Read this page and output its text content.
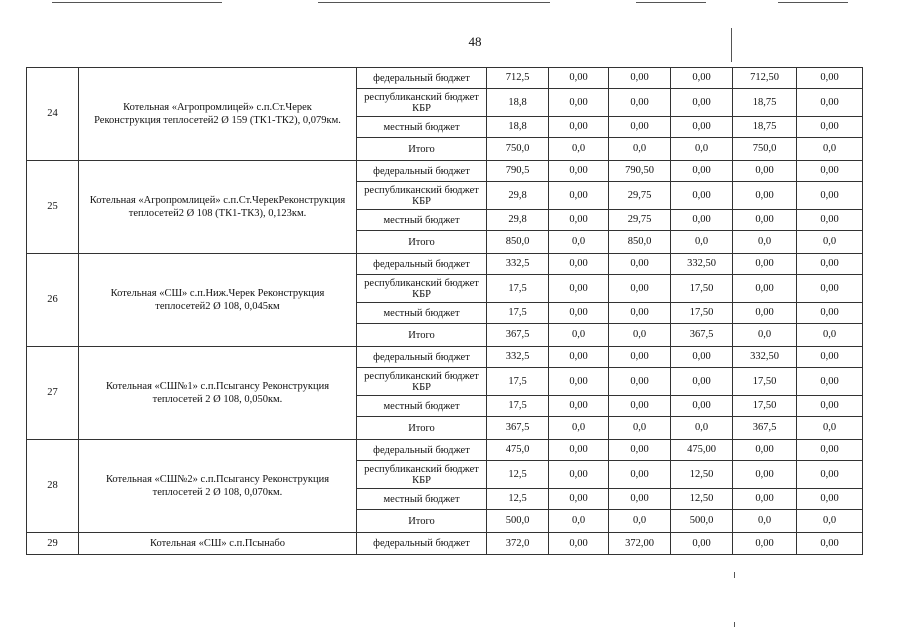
48
24	Котельная «Агропромлицей» с.п.Ст.Черек Реконструкция теплосетей2 Ø 159 (ТК1-ТК2), 0,079км.	федеральный бюджет	712,5	0,00	0,00	0,00	712,50	0,00
		республиканский бюджет КБР	18,8	0,00	0,00	0,00	18,75	0,00
		местный бюджет	18,8	0,00	0,00	0,00	18,75	0,00
		Итого	750,0	0,0	0,0	0,0	750,0	0,0
25	Котельная «Агропромлицей» с.п.Ст.ЧерекРеконструкция теплосетей2 Ø 108 (ТК1-ТК3), 0,123км.	федеральный бюджет	790,5	0,00	790,50	0,00	0,00	0,00
		республиканский бюджет КБР	29,8	0,00	29,75	0,00	0,00	0,00
		местный бюджет	29,8	0,00	29,75	0,00	0,00	0,00
		Итого	850,0	0,0	850,0	0,0	0,0	0,0
26	Котельная «СШ» с.п.Ниж.Черек Реконструкция теплосетей2 Ø 108, 0,045км	федеральный бюджет	332,5	0,00	0,00	332,50	0,00	0,00
		республиканский бюджет КБР	17,5	0,00	0,00	17,50	0,00	0,00
		местный бюджет	17,5	0,00	0,00	17,50	0,00	0,00
		Итого	367,5	0,0	0,0	367,5	0,0	0,0
27	Котельная «СШ№1» с.п.Псыгансу Реконструкция теплосетей 2 Ø 108, 0,050км.	федеральный бюджет	332,5	0,00	0,00	0,00	332,50	0,00
		республиканский бюджет КБР	17,5	0,00	0,00	0,00	17,50	0,00
		местный бюджет	17,5	0,00	0,00	0,00	17,50	0,00
		Итого	367,5	0,0	0,0	0,0	367,5	0,0
28	Котельная «СШ№2» с.п.Псыгансу Реконструкция теплосетей 2 Ø 108, 0,070км.	федеральный бюджет	475,0	0,00	0,00	475,00	0,00	0,00
		республиканский бюджет КБР	12,5	0,00	0,00	12,50	0,00	0,00
		местный бюджет	12,5	0,00	0,00	12,50	0,00	0,00
		Итого	500,0	0,0	0,0	500,0	0,0	0,0
29	Котельная «СШ» с.п.Псынабо	федеральный бюджет	372,0	0,00	372,00	0,00	0,00	0,00
